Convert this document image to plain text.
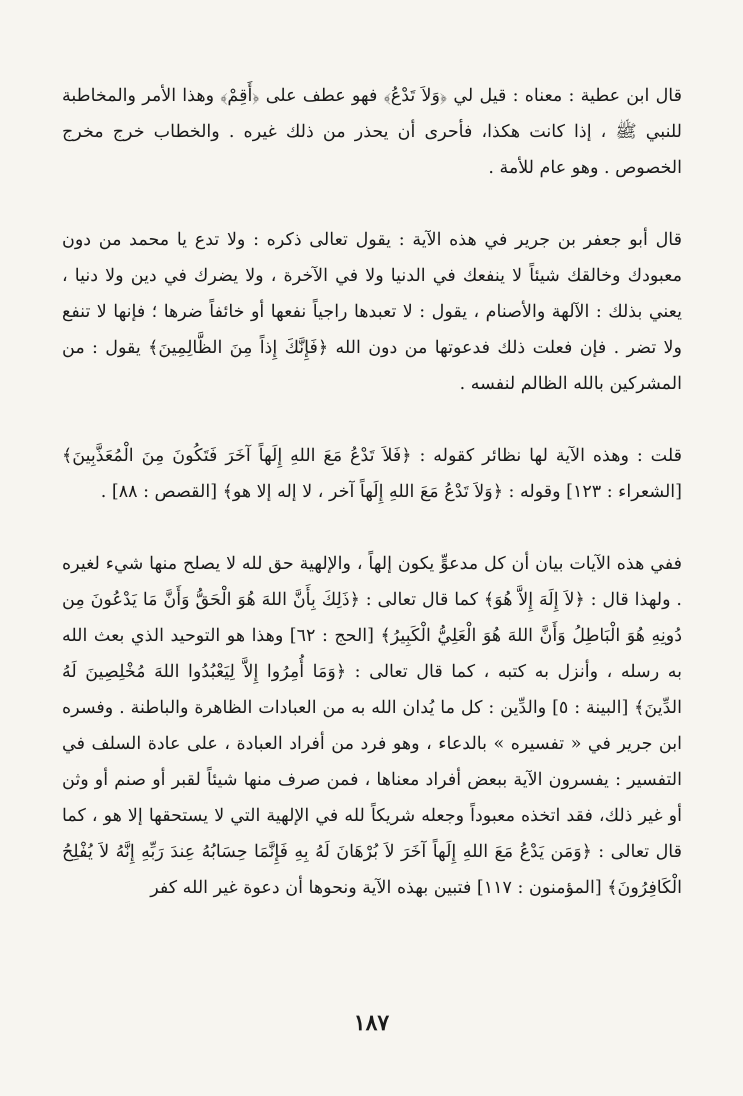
قال ابن عطية : معناه : قيل لي ﴿وَلاَ تَدْعُ﴾ فهو عطف على ﴿أَقِمْ﴾ وهذا الأمر والمخاطبة للنبي ﷺ ، إذا كانت هكذا، فأحرى أن يحذر من ذلك غيره . والخطاب خرج مخرج الخصوص . وهو عام للأمة .

قال أبو جعفر بن جرير في هذه الآية : يقول تعالى ذكره : ولا تدع يا محمد من دون معبودك وخالقك شيئاً لا ينفعك في الدنيا ولا في الآخرة ، ولا يضرك في دين ولا دنيا ، يعني بذلك : الآلهة والأصنام ، يقول : لا تعبدها راجياً نفعها أو خائفاً ضرها ؛ فإنها لا تنفع ولا تضر . فإن فعلت ذلك فدعوتها من دون الله ﴿فَإِنَّكَ إِذاً مِنَ الظَّالِمِينَ﴾ يقول : من المشركين بالله الظالم لنفسه .

قلت : وهذه الآية لها نظائر كقوله : ﴿فَلاَ تَدْعُ مَعَ اللهِ إِلَهاً آخَرَ فَتَكُونَ مِنَ الْمُعَذَّبِينَ﴾ [الشعراء : ١٢٣] وقوله : ﴿وَلاَ تَدْعُ مَعَ اللهِ إِلَهاً آخر ، لا إله إلا هو﴾ [القصص : ٨٨] .

ففي هذه الآيات بيان أن كل مدعوٍّ يكون إلهاً ، والإلهية حق لله لا يصلح منها شيء لغيره . ولهذا قال : ﴿لاَ إِلَهَ إِلاَّ هُوَ﴾ كما قال تعالى : ﴿ذَلِكَ بِأَنَّ اللهَ هُوَ الْحَقُّ وَأَنَّ مَا يَدْعُونَ مِن دُونِهِ هُوَ الْبَاطِلُ وَأَنَّ اللهَ هُوَ الْعَلِيُّ الْكَبِيرُ﴾ [الحج : ٦٢] وهذا هو التوحيد الذي بعث الله به رسله ، وأنزل به كتبه ، كما قال تعالى : ﴿وَمَا أُمِرُوا إِلاَّ لِيَعْبُدُوا اللهَ مُخْلِصِينَ لَهُ الدِّينَ﴾ [البينة : ٥] والدِّين : كل ما يُدان الله به من العبادات الظاهرة والباطنة . وفسره ابن جرير في « تفسيره » بالدعاء ، وهو فرد من أفراد العبادة ، على عادة السلف في التفسير : يفسرون الآية ببعض أفراد معناها ، فمن صرف منها شيئاً لقبر أو صنم أو وثن أو غير ذلك، فقد اتخذه معبوداً وجعله شريكاً لله في الإلهية التي لا يستحقها إلا هو ، كما قال تعالى : ﴿وَمَن يَدْعُ مَعَ اللهِ إِلَهاً آخَرَ لاَ بُرْهَانَ لَهُ بِهِ فَإِنَّمَا حِسَابُهُ عِندَ رَبِّهِ إِنَّهُ لاَ يُفْلِحُ الْكَافِرُونَ﴾ [المؤمنون : ١١٧] فتبين بهذه الآية ونحوها أن دعوة غير الله كفر

١٨٧
